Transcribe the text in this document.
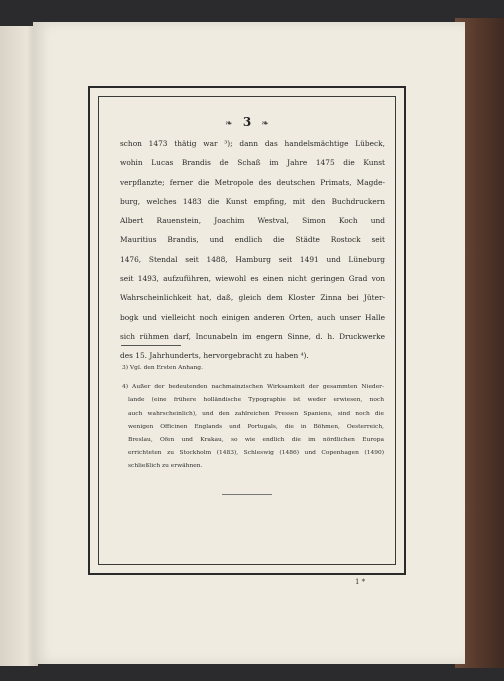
❧ 3 ❧
schon 1473 thätig war ³); dann das handelsmächtige Lübeck,
wohin Lucas Brandis de Schaß im Jahre 1475 die Kunst
verpflanzte; ferner die Metropole des deutschen Primats, Magde-
burg, welches 1483 die Kunst empfing, mit den Buchdruckern
Albert Rauenstein, Joachim Westval, Simon Koch und
Mauritius Brandis, und endlich die Städte Rostock seit
1476, Stendal seit 1488, Hamburg seit 1491 und Lüneburg
seit 1493, aufzuführen, wiewohl es einen nicht geringen Grad von
Wahrscheinlichkeit hat, daß, gleich dem Kloster Zinna bei Jüter-
bogk und vielleicht noch einigen anderen Orten, auch unser Halle
sich rühmen darf, Incunabeln im engern Sinne, d. h. Druckwerke
des 15. Jahrhunderts, hervorgebracht zu haben ⁴).
3) Vgl. den Ersten Anhang.
4) Außer der bedeutenden nachmainzischen Wirksamkeit der gesammten Nieder-
lande (eine frühere holländische Typographie ist weder erwiesen, noch
auch wahrscheinlich), und den zahlreichen Pressen Spaniens, sind noch die
wenigen Officinen Englands und Portugals, die in Böhmen, Oesterreich,
Breslau, Ofen und Krakau, so wie endlich die im nördlichen Europa
errichteten zu Stockholm (1483), Schleswig (1486) und Copenhagen (1490)
schließlich zu erwähnen.
1 *
